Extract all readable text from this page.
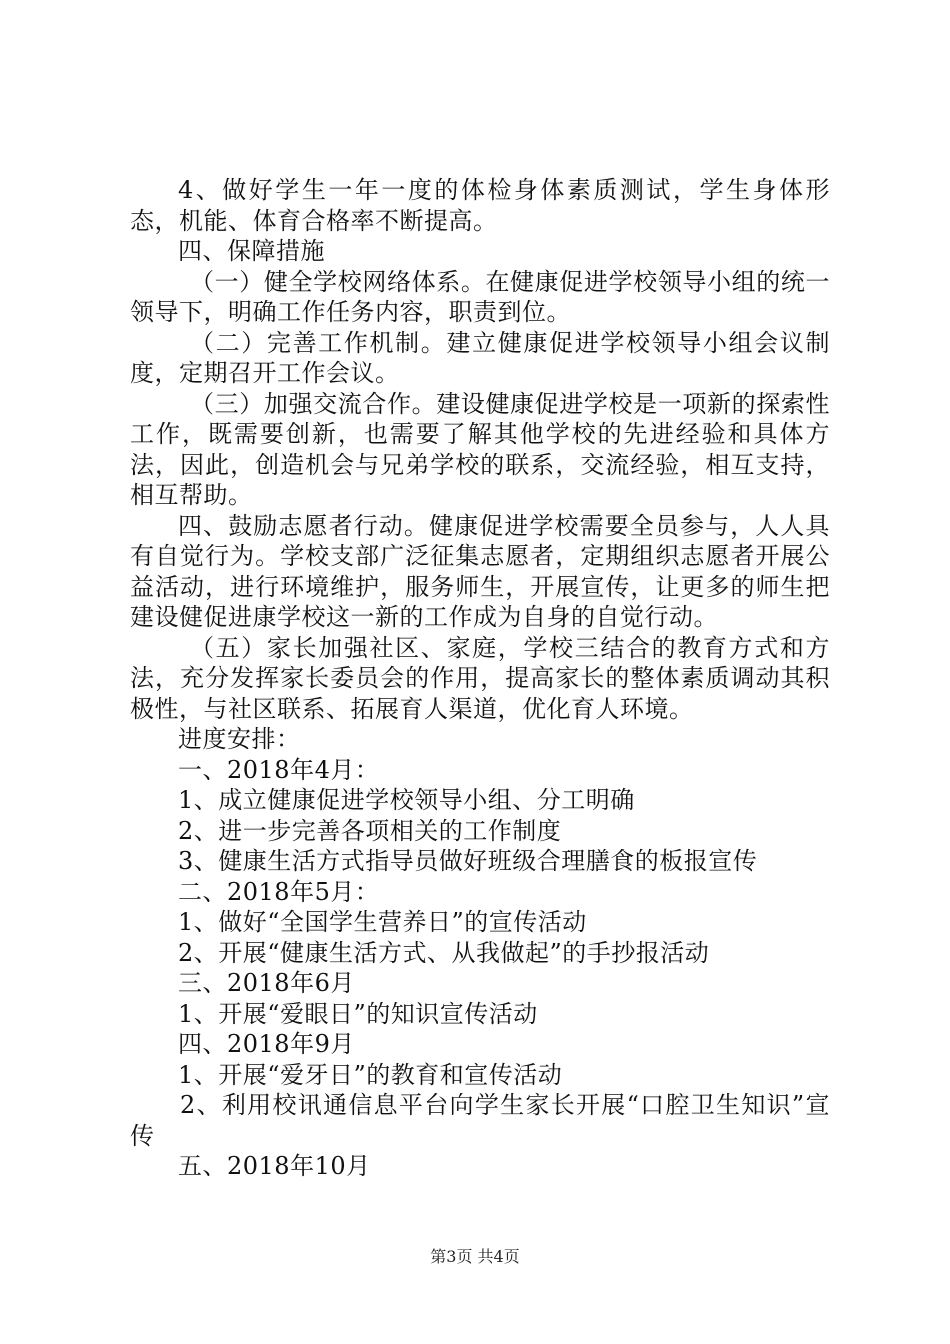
4、做好学生一年一度的体检身体素质测试，学生身体形态，机能、体育合格率不断提高。

四、保障措施

（一）健全学校网络体系。在健康促进学校领导小组的统一领导下，明确工作任务内容，职责到位。

（二）完善工作机制。建立健康促进学校领导小组会议制度，定期召开工作会议。

（三）加强交流合作。建设健康促进学校是一项新的探索性工作，既需要创新，也需要了解其他学校的先进经验和具体方法，因此，创造机会与兄弟学校的联系，交流经验，相互支持，相互帮助。

四、鼓励志愿者行动。健康促进学校需要全员参与，人人具有自觉行为。学校支部广泛征集志愿者，定期组织志愿者开展公益活动，进行环境维护，服务师生，开展宣传，让更多的师生把建设健促进康学校这一新的工作成为自身的自觉行动。

（五）家长加强社区、家庭，学校三结合的教育方式和方法，充分发挥家长委员会的作用，提高家长的整体素质调动其积极性，与社区联系、拓展育人渠道，优化育人环境。

进度安排：

一、2018年4月：

1、成立健康促进学校领导小组、分工明确

2、进一步完善各项相关的工作制度

3、健康生活方式指导员做好班级合理膳食的板报宣传

二、2018年5月：

1、做好“全国学生营养日”的宣传活动

2、开展“健康生活方式、从我做起”的手抄报活动

三、2018年6月

1、开展“爱眼日”的知识宣传活动

四、2018年9月

1、开展“爱牙日”的教育和宣传活动

2、利用校讯通信息平台向学生家长开展“口腔卫生知识”宣传

五、2018年10月

第3页 共4页
